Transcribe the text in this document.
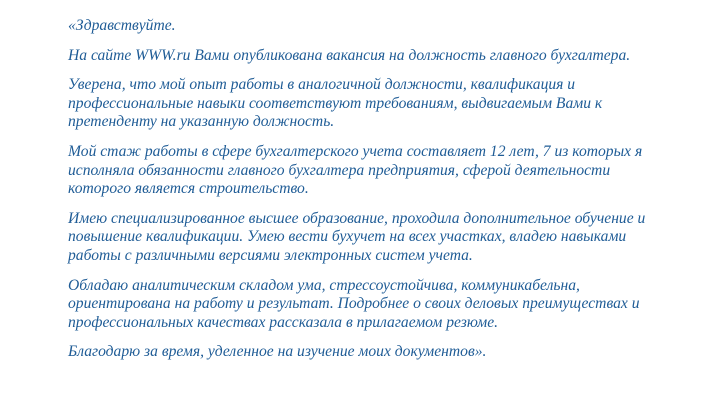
«Здравствуйте.

На сайте WWW.ru Вами опубликована вакансия на должность главного бухгалтера.

Уверена, что мой опыт работы в аналогичной должности, квалификация и
профессиональные навыки соответствуют требованиям, выдвигаемым Вами к
претенденту на указанную должность.

Мой стаж работы в сфере бухгалтерского учета составляет 12 лет, 7 из которых я
исполняла обязанности главного бухгалтера предприятия, сферой деятельности
которого является строительство.

Имею специализированное высшее образование, проходила дополнительное обучение и
повышение квалификации. Умею вести бухучет на всех участках, владею навыками
работы с различными версиями электронных систем учета.

Обладаю аналитическим складом ума, стрессоустойчива, коммуникабельна,
ориентирована на работу и результат. Подробнее о своих деловых преимуществах и
профессиональных качествах рассказала в прилагаемом резюме.

Благодарю за время, уделенное на изучение моих документов».
